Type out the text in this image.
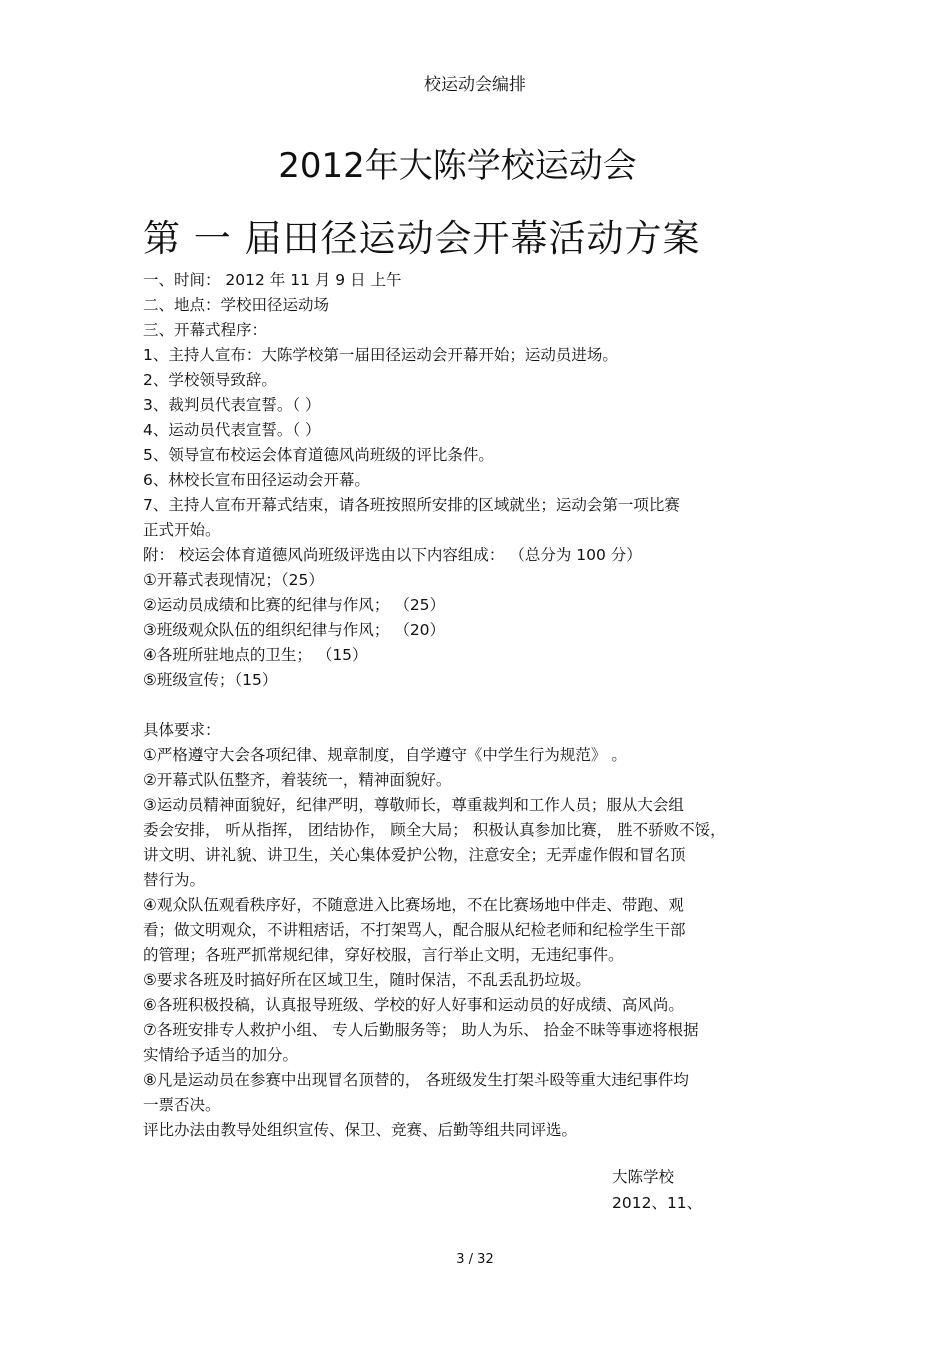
校运动会编排
2012年大陈学校运动会
第 一 届田径运动会开幕活动方案
一、时间： 2012 年 11 月 9 日 上午
二、地点：学校田径运动场
三、开幕式程序：
1、主持人宣布：大陈学校第一届田径运动会开幕开始；运动员进场。
2、学校领导致辞。
3、裁判员代表宣誓。（ ）
4、运动员代表宣誓。（ ）
5、领导宣布校运会体育道德风尚班级的评比条件。
6、林校长宣布田径运动会开幕。
7、主持人宣布开幕式结束，请各班按照所安排的区域就坐；运动会第一项比赛
正式开始。
附： 校运会体育道德风尚班级评选由以下内容组成： （总分为 100 分）
①开幕式表现情况；（25）
②运动员成绩和比赛的纪律与作风； （25）
③班级观众队伍的组织纪律与作风； （20）
④各班所驻地点的卫生； （15）
⑤班级宣传；（15）
具体要求：
①严格遵守大会各项纪律、规章制度，自学遵守《中学生行为规范》 。
②开幕式队伍整齐，着装统一，精神面貌好。
③运动员精神面貌好，纪律严明，尊敬师长，尊重裁判和工作人员；服从大会组
委会安排， 听从指挥， 团结协作， 顾全大局； 积极认真参加比赛， 胜不骄败不馁，
讲文明、讲礼貌、讲卫生，关心集体爱护公物，注意安全；无弄虚作假和冒名顶
替行为。
④观众队伍观看秩序好，不随意进入比赛场地，不在比赛场地中伴走、带跑、观
看；做文明观众，不讲粗痞话，不打架骂人，配合服从纪检老师和纪检学生干部
的管理；各班严抓常规纪律，穿好校服，言行举止文明，无违纪事件。
⑤要求各班及时搞好所在区域卫生，随时保洁，不乱丢乱扔垃圾。
⑥各班积极投稿，认真报导班级、学校的好人好事和运动员的好成绩、高风尚。
⑦各班安排专人救护小组、 专人后勤服务等； 助人为乐、 拾金不昧等事迹将根据
实情给予适当的加分。
⑧凡是运动员在参赛中出现冒名顶替的， 各班级发生打架斗殴等重大违纪事件均
一票否决。
评比办法由教导处组织宣传、保卫、竞赛、后勤等组共同评选。
大陈学校
2012、11、
3 / 32
